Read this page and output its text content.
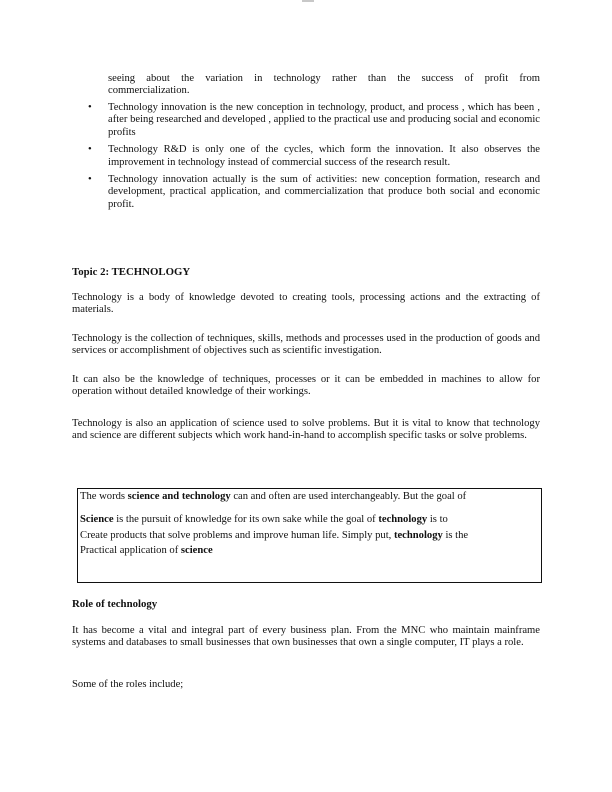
seeing about the variation in technology rather than the success of profit from
commercialization.
• Technology innovation is the new conception in technology, product, and process , which has been , after being researched and developed , applied to the practical use and producing social and economic profits
• Technology R&D is only one of the cycles, which form the innovation. It also observes the improvement in technology instead of commercial success of the research result.
• Technology innovation actually is the sum of activities: new conception formation, research and development, practical application, and commercialization that produce both social and economic profit.
Topic 2: TECHNOLOGY
Technology is a body of knowledge devoted to creating tools, processing actions and the extracting of materials.
Technology is the collection of techniques, skills, methods and processes used in the production of goods and services or accomplishment of objectives such as scientific investigation.
It can also be the knowledge of techniques, processes or it can be embedded in machines to allow for operation without detailed knowledge of their workings.
Technology is also an application of science used to solve problems. But it is vital to know that technology and science are different subjects which work hand-in-hand to accomplish specific tasks or solve problems.
The words science and technology can and often are used interchangeably. But the goal of
Science is the pursuit of knowledge for its own sake while the goal of technology is to
Create products that solve problems and improve human life. Simply put, technology is the
Practical application of science
Role of technology
It has become a vital and integral part of every business plan. From the MNC who maintain mainframe systems and databases to small businesses that own businesses that own a single computer, IT plays a role.
Some of the roles include;
